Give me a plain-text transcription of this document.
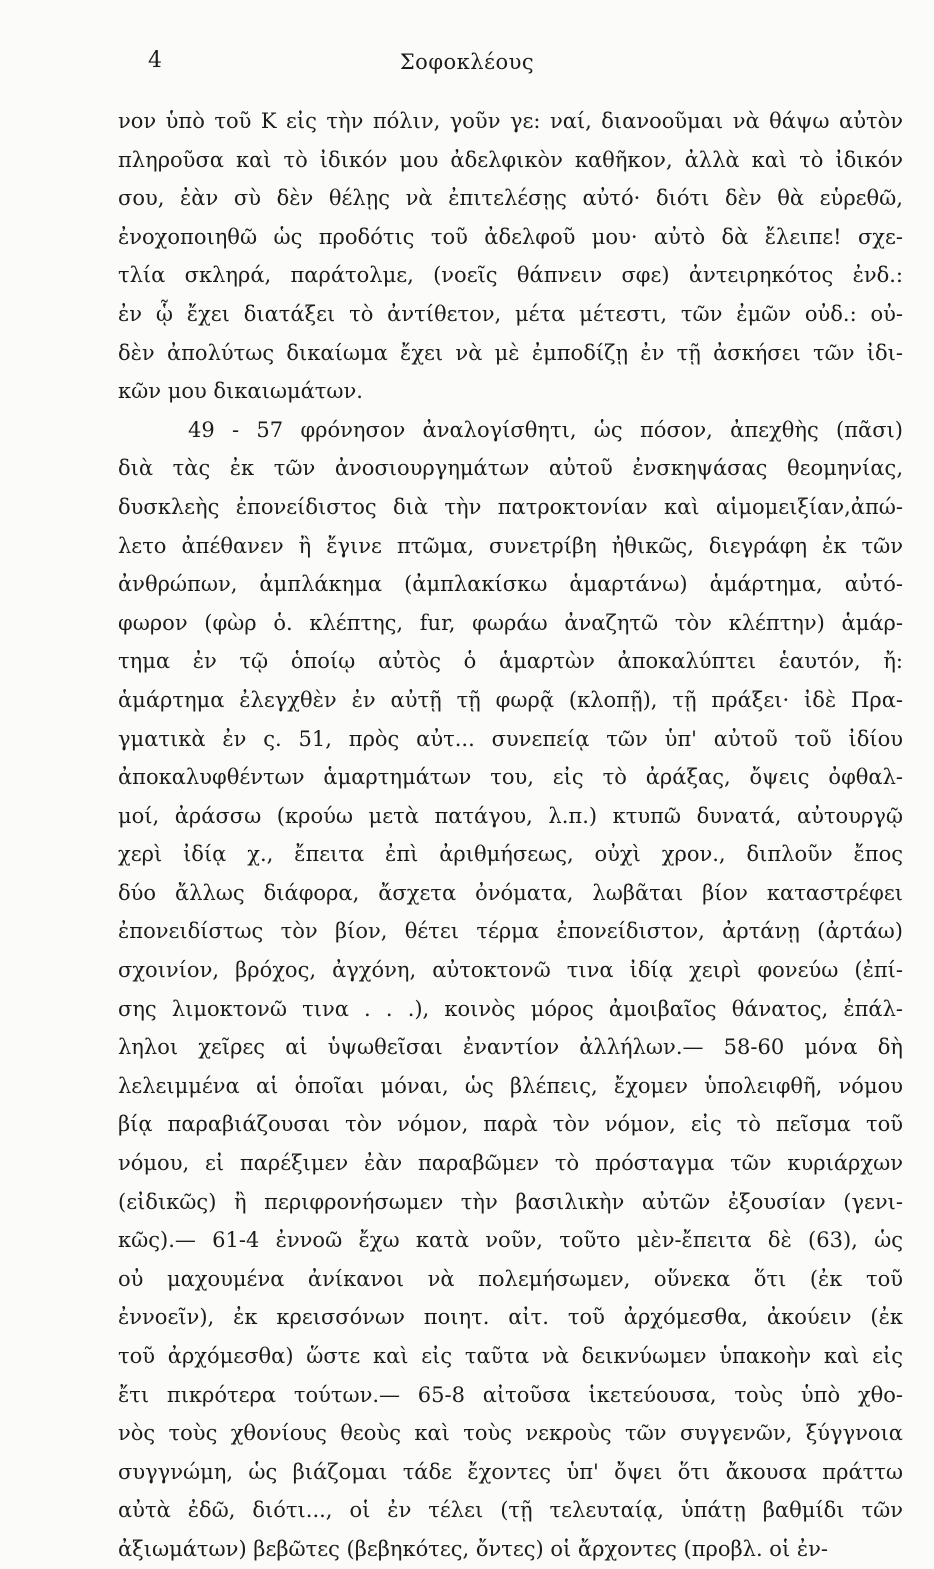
4	Σοφοκλέους
νον ὑπὸ τοῦ Κ εἰς τὴν πόλιν, γοῦν γε: ναί, διανοοῦμαι νὰ θάψω αὐτὸν
πληροῦσα καὶ τὸ ἰδικόν μου ἀδελφικὸν καθῆκον, ἀλλὰ καὶ τὸ ἰδικόν
σου, ἐὰν σὺ δὲν θέλῃς νὰ ἐπιτελέσῃς αὐτό· διότι δὲν θὰ εὑρεθῶ,
ἐνοχοποιηθῶ ὡς προδότις τοῦ ἀδελφοῦ μου· αὐτὸ δὰ ἔλειπε! σχε-
τλία σκληρά, παράτολμε, (νοεῖς θάπνειν σφε) ἀντειρηκότος ἐνδ.:
ἐν ᾧ ἔχει διατάξει τὸ ἀντίθετον, μέτα μέτεστι, τῶν ἐμῶν οὐδ.: οὐ-
δὲν ἀπολύτως δικαίωμα ἔχει νὰ μὲ ἐμποδίζῃ ἐν τῇ ἀσκήσει τῶν ἰδι-
κῶν μου δικαιωμάτων.
49 - 57 φρόνησον ἀναλογίσθητι, ὡς πόσον, ἀπεχθὴς (πᾶσι)
διὰ τὰς ἐκ τῶν ἀνοσιουργημάτων αὐτοῦ ἐνσκηψάσας θεομηνίας,
δυσκλεὴς ἐπονείδιστος διὰ τὴν πατροκτονίαν καὶ αἱμομειξίαν,ἀπώ-
λετο ἀπέθανεν ἢ ἔγινε πτῶμα, συνετρίβη ἠθικῶς, διεγράφη ἐκ τῶν
ἀνθρώπων, ἀμπλάκημα (ἀμπλακίσκω ἁμαρτάνω) ἁμάρτημα, αὐτό-
φωρον (φὼρ ὁ. κλέπτης, fur, φωράω ἀναζητῶ τὸν κλέπτην) ἁμάρ-
τημα ἐν τῷ ὁποίῳ αὐτὸς ὁ ἁμαρτὼν ἀποκαλύπτει ἑαυτόν, ἤ:
ἁμάρτημα ἐλεγχθὲν ἐν αὐτῇ τῇ φωρᾷ (κλοπῇ), τῇ πράξει· ἰδὲ Πρα-
γματικὰ ἐν ς. 51, πρὸς αὐτ... συνεπείᾳ τῶν ὑπ' αὐτοῦ τοῦ ἰδίου
ἀποκαλυφθέντων ἁμαρτημάτων του, εἰς τὸ ἀράξας, ὄψεις ὀφθαλ-
μοί, ἀράσσω (κρούω μετὰ πατάγου, λ.π.) κτυπῶ δυνατά, αὐτουργῷ
χερὶ ἰδίᾳ χ., ἔπειτα ἐπὶ ἀριθμήσεως, οὐχὶ χρον., διπλοῦν ἔπος
δύο ἄλλως διάφορα, ἄσχετα ὀνόματα, λωβᾶται βίον καταστρέφει
ἐπονειδίστως τὸν βίον, θέτει τέρμα ἐπονείδιστον, ἀρτάνῃ (ἀρτάω)
σχοινίον, βρόχος, ἀγχόνη, αὐτοκτονῶ τινα ἰδίᾳ χειρὶ φονεύω (ἐπί-
σης λιμοκτονῶ τινα . . .), κοινὸς μόρος ἀμοιβαῖος θάνατος, ἐπάλ-
ληλοι χεῖρες αἱ ὑψωθεῖσαι ἐναντίον ἀλλήλων.— 58-60 μόνα δὴ
λελειμμένα αἱ ὁποῖαι μόναι, ὡς βλέπεις, ἔχομεν ὑπολειφθῆ, νόμου
βίᾳ παραβιάζουσαι τὸν νόμον, παρὰ τὸν νόμον, εἰς τὸ πεῖσμα τοῦ
νόμου, εἰ παρέξιμεν ἐὰν παραβῶμεν τὸ πρόσταγμα τῶν κυριάρχων
(εἰδικῶς) ἢ περιφρονήσωμεν τὴν βασιλικὴν αὐτῶν ἐξουσίαν (γενι-
κῶς).— 61-4 ἐννοῶ ἔχω κατὰ νοῦν, τοῦτο μὲν-ἔπειτα δὲ (63), ὡς
οὐ μαχουμένα ἀνίκανοι νὰ πολεμήσωμεν, οὕνεκα ὅτι (ἐκ τοῦ
ἐννοεῖν), ἐκ κρεισσόνων ποιητ. αἰτ. τοῦ ἀρχόμεσθα, ἀκούειν (ἐκ
τοῦ ἀρχόμεσθα) ὥστε καὶ εἰς ταῦτα νὰ δεικνύωμεν ὑπακοὴν καὶ εἰς
ἔτι πικρότερα τούτων.— 65-8 αἰτοῦσα ἱκετεύουσα, τοὺς ὑπὸ χθο-
νὸς τοὺς χθονίους θεοὺς καὶ τοὺς νεκροὺς τῶν συγγενῶν, ξύγγνοια
συγγνώμη, ὡς βιάζομαι τάδε ἔχοντες ὑπ' ὄψει ὅτι ἄκουσα πράττω
αὐτὰ ἐδῶ, διότι..., οἱ ἐν τέλει (τῇ τελευταίᾳ, ὑπάτῃ βαθμίδι τῶν
ἀξιωμάτων) βεβῶτες (βεβηκότες, ὄντες) οἱ ἄρχοντες (προβλ. οἱ ἐν-
